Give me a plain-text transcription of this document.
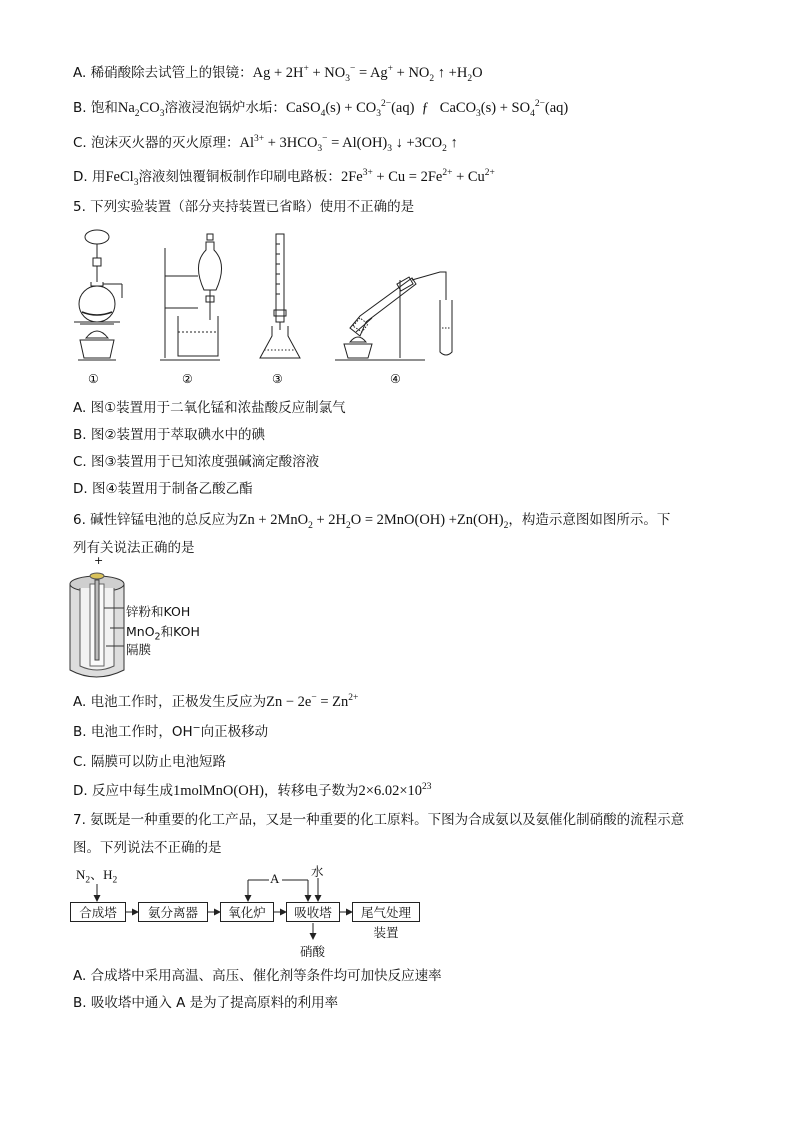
A. 稀硝酸除去试管上的银镜：$Ag + 2H^+ + NO_3^- = Ag^+ + NO_2$ ↑ $+H_2O$
B. 饱和$Na_2CO_3$溶液浸泡锅炉水垢：CaSO$_4$(s) + $CO_3^{2-}(aq)$  ƒ   CaCO$_3$(s) + $SO_4^{2-}(aq)$
C. 泡沫灭火器的灭火原理：$Al^{3+} + 3HCO_3^- = Al(OH)_3$ ↓ $+3CO_2$ ↑
D. 用FeCl$_3$溶液刻蚀覆铜板制作印刷电路板：$2Fe^{3+} + Cu = 2Fe^{2+} + Cu^{2+}$
5. 下列实验装置（部分夹持装置已省略）使用不正确的是
①	②	③	④
A. 图①装置用于二氧化锰和浓盐酸反应制氯气
B. 图②装置用于萃取碘水中的碘
C. 图③装置用于已知浓度强碱滴定酸溶液
D. 图④装置用于制备乙酸乙酯
6. 碱性锌锰电池的总反应为$Zn + 2MnO_2 + 2H_2O = 2MnO(OH) +Zn(OH)_2$，构造示意图如图所示。下
列有关说法正确的是
+
锌粉和KOH
MnO$_2$和KOH
隔膜
A. 电池工作时，正极发生反应为$Zn - 2e^- = Zn^{2+}$
B. 电池工作时，OH−向正极移动
C. 隔膜可以防止电池短路
D. 反应中每生成1molMnO(OH)，转移电子数为$2\times 6.02\times 10^{23}$
7. 氨既是一种重要的化工产品，又是一种重要的化工原料。下图为合成氨以及氨催化制硝酸的流程示意
图。下列说法不正确的是
$N_2$、$H_2$	A	水
合成塔	氨分离器	氧化炉	吸收塔	尾气处理装置
硝酸
A. 合成塔中采用高温、高压、催化剂等条件均可加快反应速率
B. 吸收塔中通入 A 是为了提高原料的利用率
